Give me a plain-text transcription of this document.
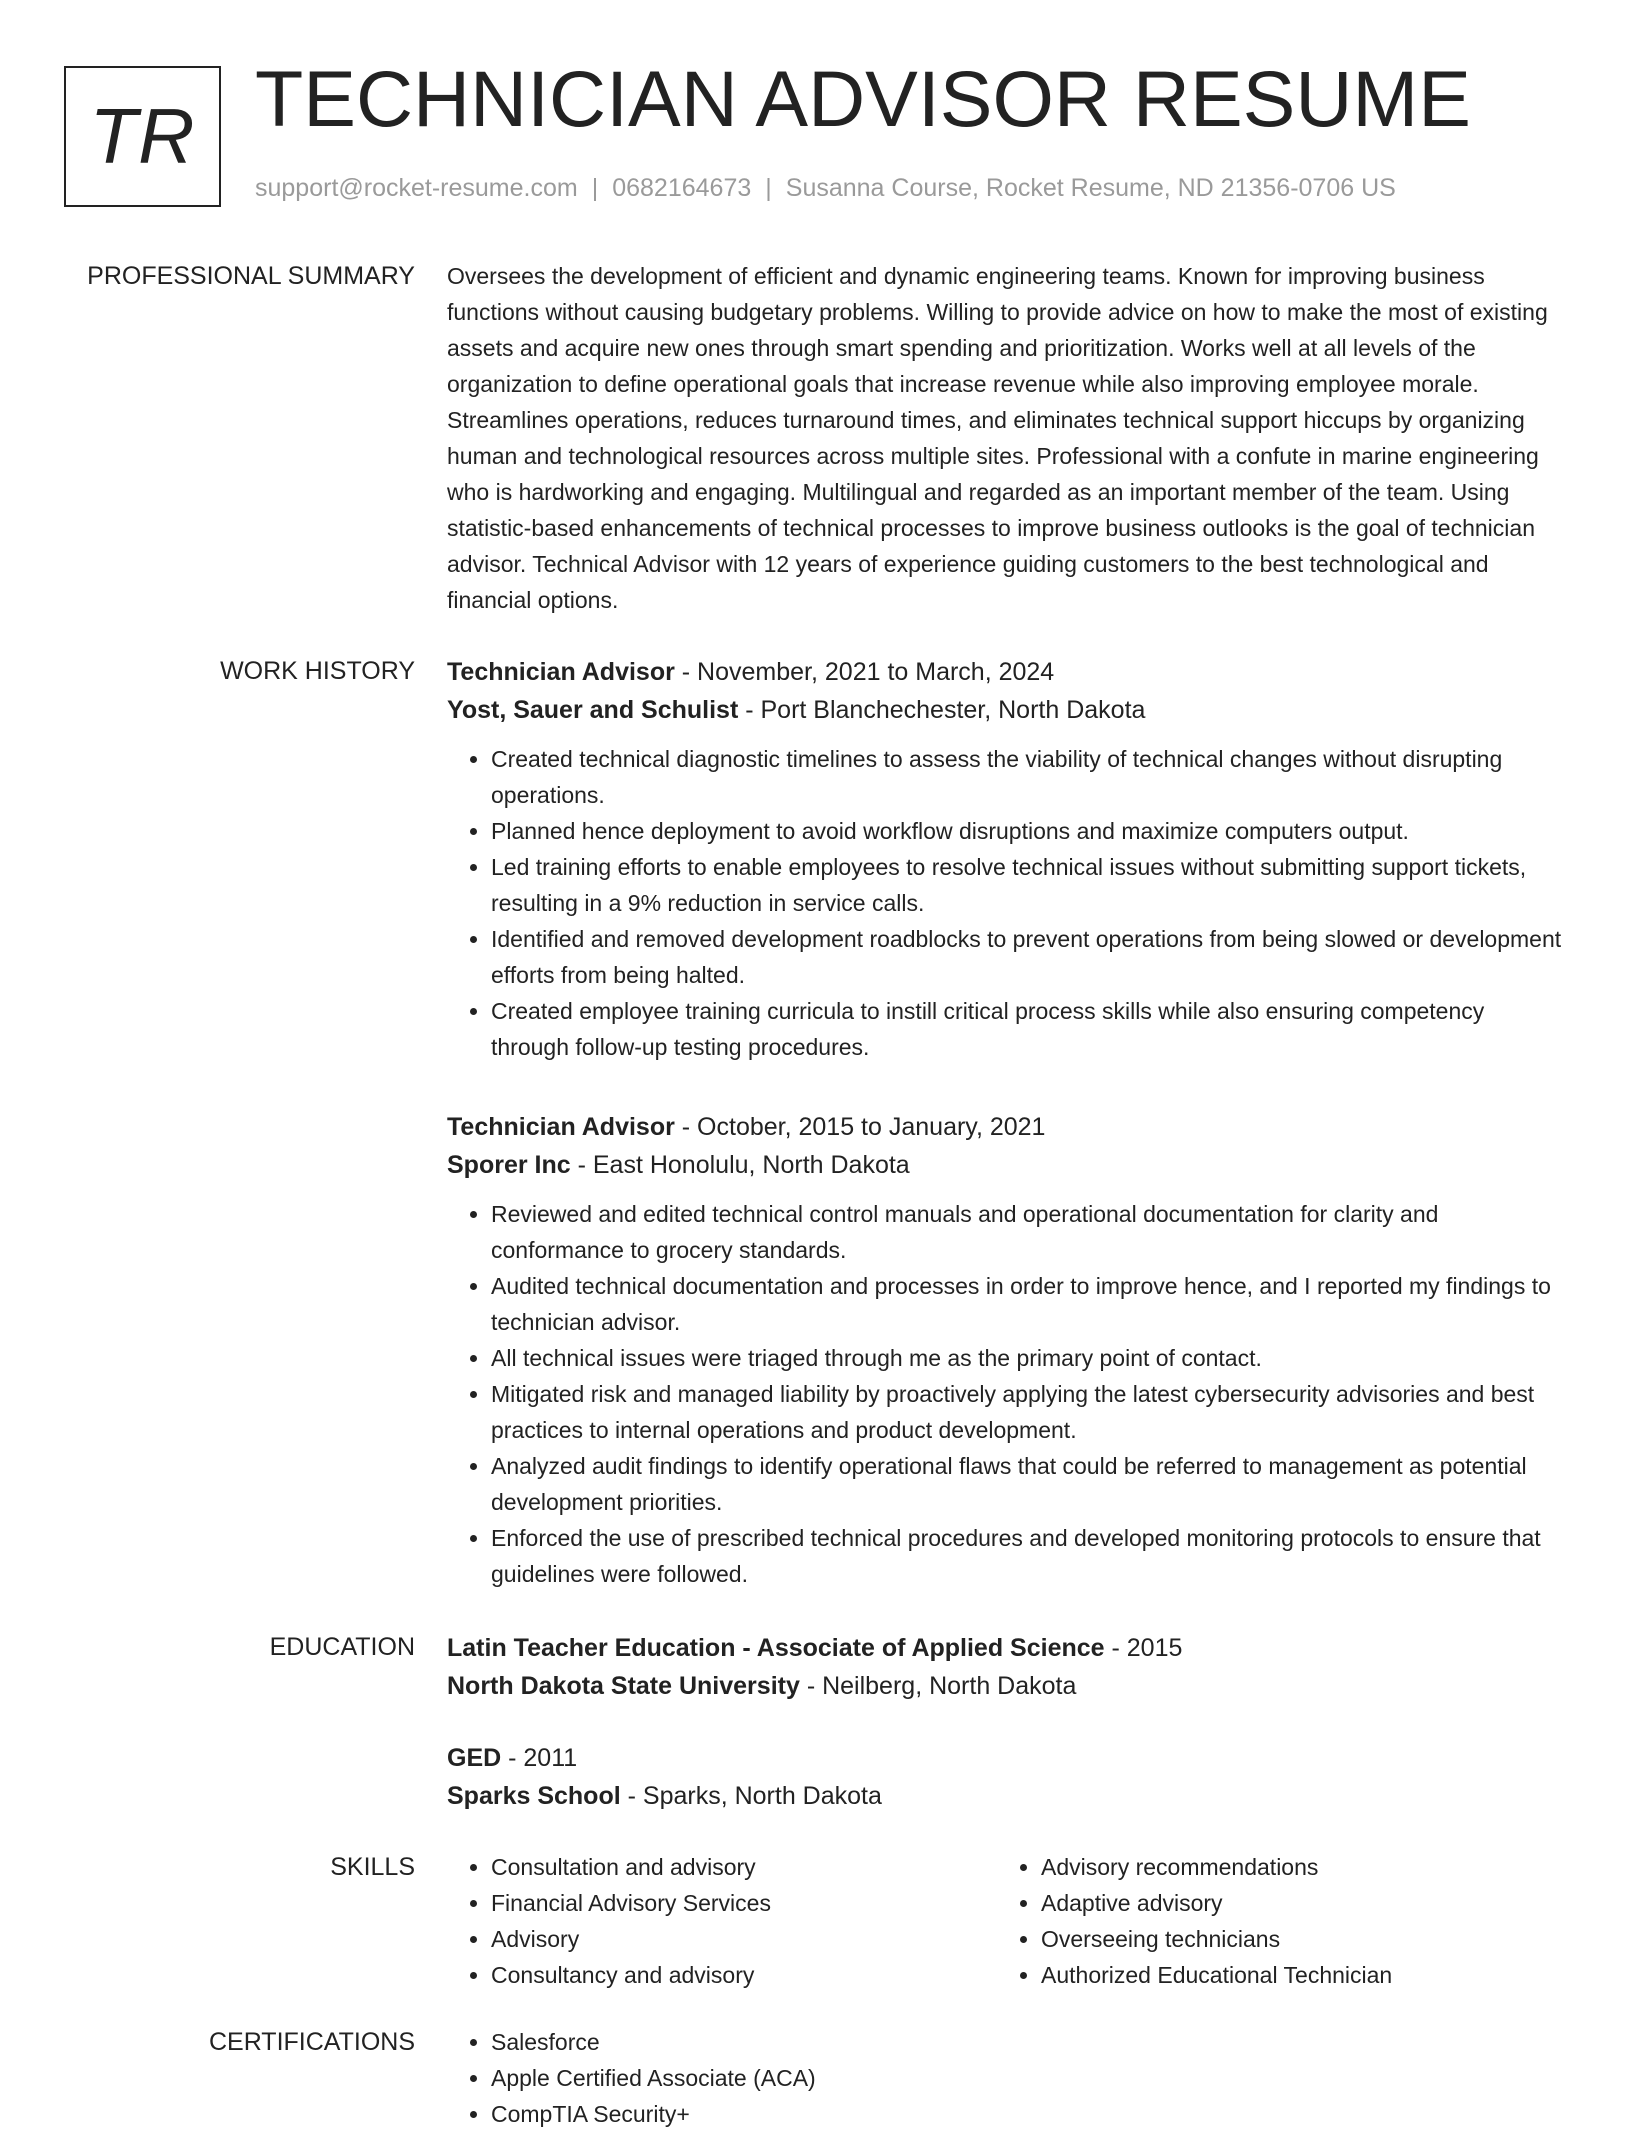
TR TECHNICIAN ADVISOR RESUME
support@rocket-resume.com | 0682164673 | Susanna Course, Rocket Resume, ND 21356-0706 US
PROFESSIONAL SUMMARY Oversees the development of efficient and dynamic engineering teams. Known for improving business functions without causing budgetary problems. Willing to provide advice on how to make the most of existing assets and acquire new ones through smart spending and prioritization. Works well at all levels of the organization to define operational goals that increase revenue while also improving employee morale. Streamlines operations, reduces turnaround times, and eliminates technical support hiccups by organizing human and technological resources across multiple sites. Professional with a confute in marine engineering who is hardworking and engaging. Multilingual and regarded as an important member of the team. Using statistic-based enhancements of technical processes to improve business outlooks is the goal of technician advisor. Technical Advisor with 12 years of experience guiding customers to the best technological and financial options.

WORK HISTORY Technician Advisor - November, 2021 to March, 2024
Yost, Sauer and Schulist - Port Blanchechester, North Dakota
• Created technical diagnostic timelines to assess the viability of technical changes without disrupting operations.
• Planned hence deployment to avoid workflow disruptions and maximize computers output.
• Led training efforts to enable employees to resolve technical issues without submitting support tickets, resulting in a 9% reduction in service calls.
• Identified and removed development roadblocks to prevent operations from being slowed or development efforts from being halted.
• Created employee training curricula to instill critical process skills while also ensuring competency through follow-up testing procedures.
Technician Advisor - October, 2015 to January, 2021
Sporer Inc - East Honolulu, North Dakota
• Reviewed and edited technical control manuals and operational documentation for clarity and conformance to grocery standards.
• Audited technical documentation and processes in order to improve hence, and I reported my findings to technician advisor.
• All technical issues were triaged through me as the primary point of contact.
• Mitigated risk and managed liability by proactively applying the latest cybersecurity advisories and best practices to internal operations and product development.
• Analyzed audit findings to identify operational flaws that could be referred to management as potential development priorities.
• Enforced the use of prescribed technical procedures and developed monitoring protocols to ensure that guidelines were followed.
EDUCATION Latin Teacher Education - Associate of Applied Science - 2015
North Dakota State University - Neilberg, North Dakota
GED - 2011
Sparks School - Sparks, North Dakota
SKILLS	• Consultation and advisory
• Financial Advisory Services
• Advisory
• Consultancy and advisory
• Advisory recommendations
• Adaptive advisory
• Overseeing technicians
• Authorized Educational Technician
CERTIFICATIONS	• Salesforce
• Apple Certified Associate (ACA)
• CompTIA Security+
